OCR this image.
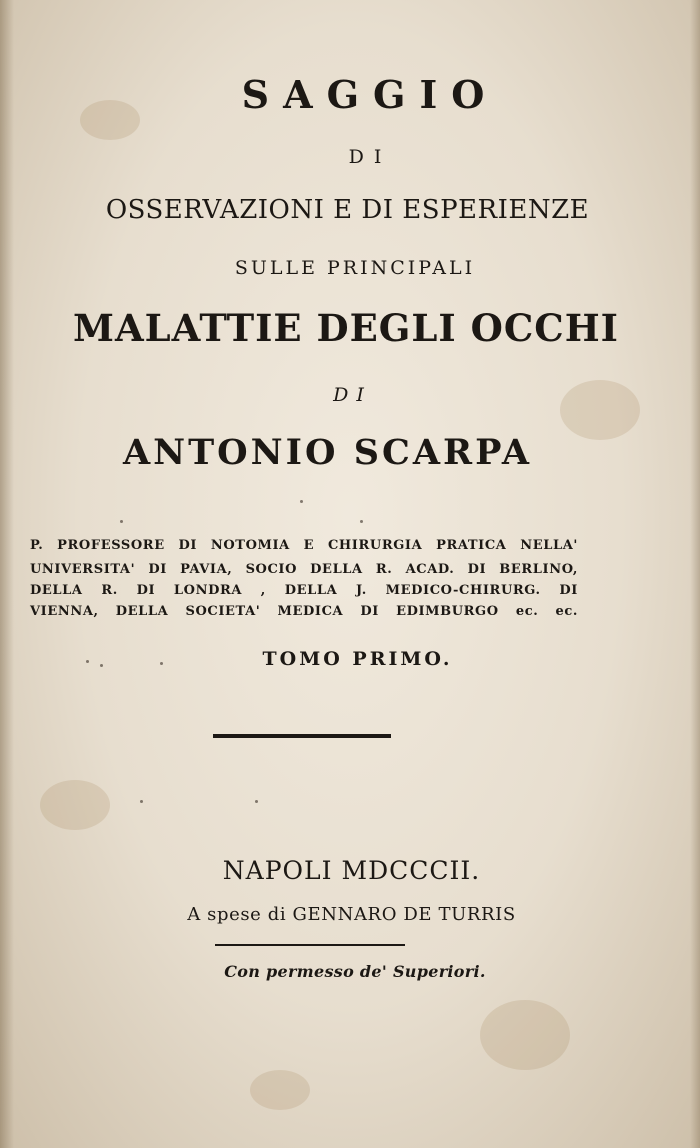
SAGGIO
DI
OSSERVAZIONI E DI ESPERIENZE
SULLE PRINCIPALI
MALATTIE DEGLI OCCHI
DI
ANTONIO SCARPA
P. PROFESSORE DI NOTOMIA E CHIRURGIA PRATICA NELLA'
UNIVERSITA' DI PAVIA, SOCIO DELLA R. ACAD. DI BERLINO,
DELLA R. DI LONDRA , DELLA J. MEDICO-CHIRURG. DI
VIENNA, DELLA SOCIETA' MEDICA DI EDIMBURGO ec. ec.
TOMO PRIMO.
NAPOLI MDCCCII.
A spese di GENNARO DE TURRIS
Con permesso de' Superiori.
